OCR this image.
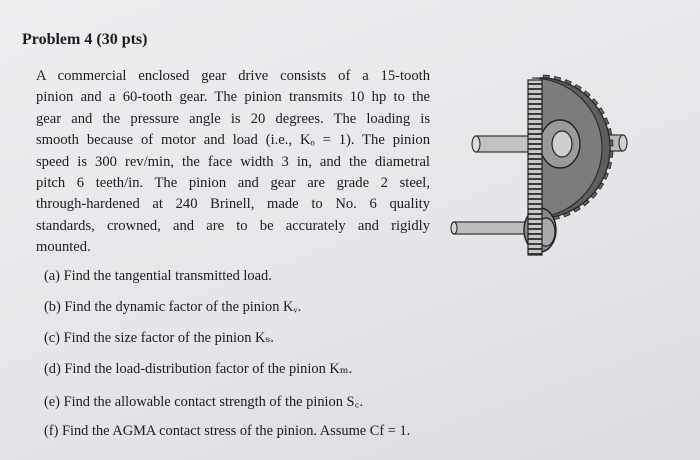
Problem 4 (30 pts)
A commercial enclosed gear drive consists of a 15-tooth
pinion and a 60-tooth gear. The pinion transmits 10 hp to the
gear and the pressure angle is 20 degrees. The loading is
smooth because of motor and load (i.e., Kₒ = 1). The pinion
speed is 300 rev/min, the face width 3 in, and the diametral
pitch 6 teeth/in. The pinion and gear are grade 2 steel,
through-hardened at 240 Brinell, made to No. 6 quality
standards, crowned, and are to be accurately and rigidly
mounted.
(a) Find the tangential transmitted load.
(b) Find the dynamic factor of the pinion Kᵥ.
(c) Find the size factor of the pinion Kₛ.
(d) Find the load-distribution factor of the pinion Kₘ.
(e) Find the allowable contact strength of the pinion S꜀.
(f) Find the AGMA contact stress of the pinion. Assume Cf = 1.
